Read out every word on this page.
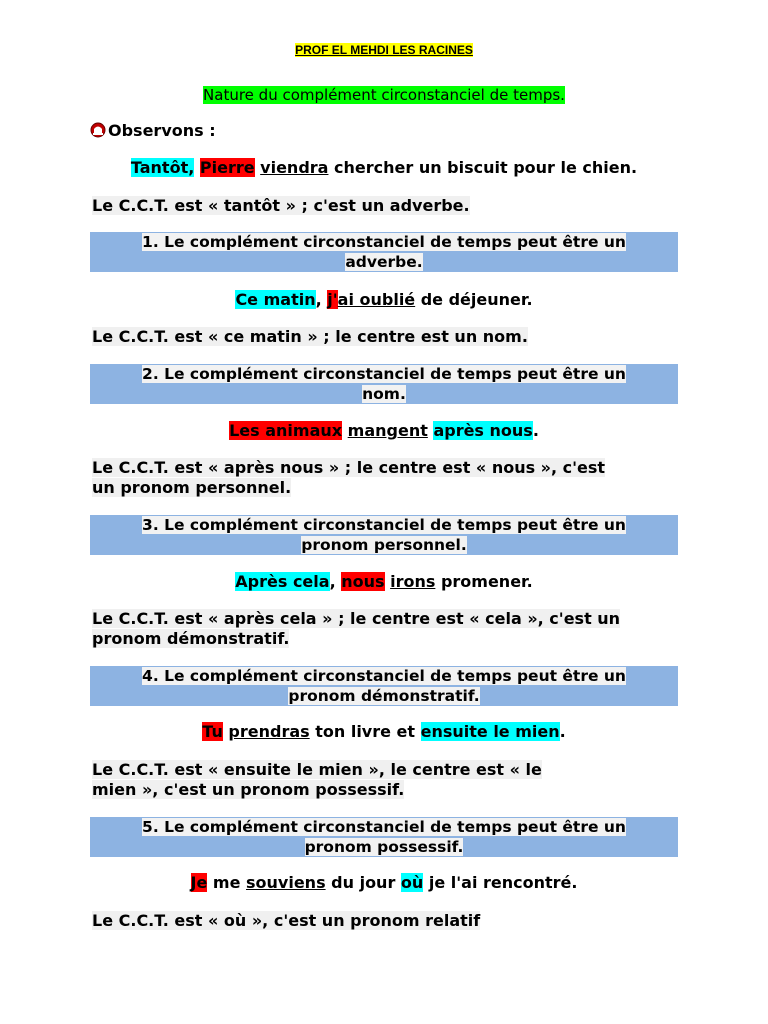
PROF EL MEHDI LES RACINES
Nature du complément circonstanciel de temps.
Observons :
Tantôt, Pierre viendra chercher un biscuit pour le chien.
Le C.C.T. est « tantôt » ; c'est un adverbe.
1. Le complément circonstanciel de temps peut être un
adverbe.
Ce matin, j'ai oublié de déjeuner.
Le C.C.T. est « ce matin » ; le centre est un nom.
2. Le complément circonstanciel de temps peut être un
nom.
Les animaux mangent après nous.
Le C.C.T. est « après nous » ; le centre est « nous », c'est
un pronom personnel.
3. Le complément circonstanciel de temps peut être un
pronom personnel.
Après cela, nous irons promener.
Le C.C.T. est « après cela » ; le centre est « cela », c'est un
pronom démonstratif.
4. Le complément circonstanciel de temps peut être un
pronom démonstratif.
Tu prendras ton livre et ensuite le mien.
Le C.C.T. est « ensuite le mien », le centre est « le
mien », c'est un pronom possessif.
5. Le complément circonstanciel de temps peut être un
pronom possessif.
Je me souviens du jour où je l'ai rencontré.
Le C.C.T. est « où », c'est un pronom relatif
